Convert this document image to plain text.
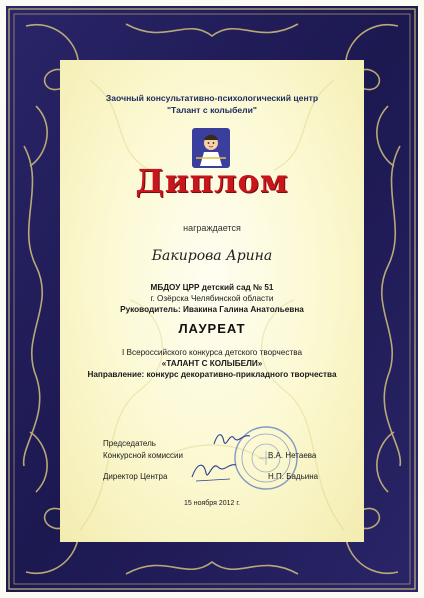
Заочный консультативно-психологический центр
"Талант с колыбели"
Диплом
награждается
Бакирова Арина
МБДОУ ЦРР детский сад № 51
г. Озёрска Челябинской области
Руководитель: Ивакина Галина Анатольевна
ЛАУРЕАТ
I Всероссийского конкурса детского творчества
«ТАЛАНТ С КОЛЫБЕЛИ»
Направление: конкурс декоративно-прикладного творчества
Председатель
Конкурсной комиссии	В.А. Нетаева
Директор Центра	Н.П. Бадьина
15 ноября 2012 г.
